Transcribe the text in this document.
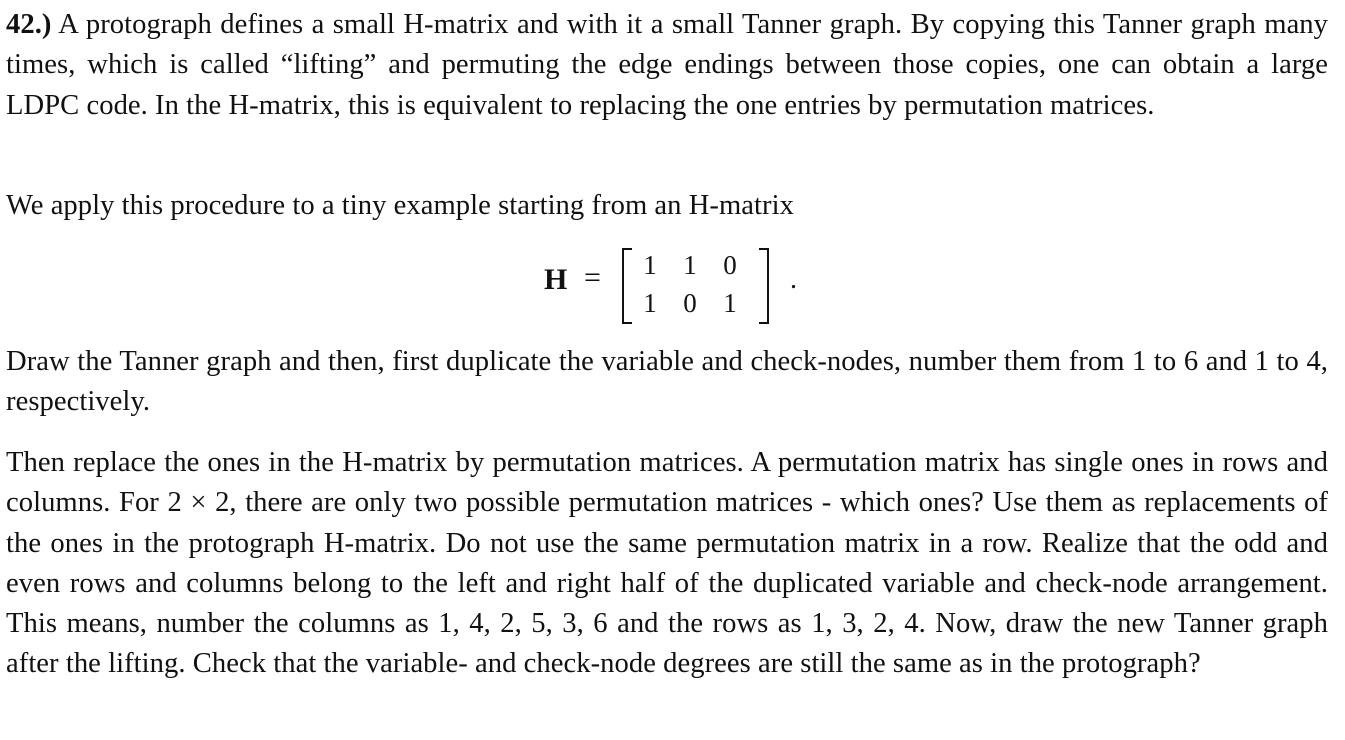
42.) A protograph defines a small H-matrix and with it a small Tanner graph. By copying this Tanner graph many times, which is called “lifting” and permuting the edge endings between those copies, one can obtain a large LDPC code. In the H-matrix, this is equivalent to replacing the one entries by permutation matrices.

We apply this procedure to a tiny example starting from an H-matrix

H = 1 1 0
1 0 1
.

Draw the Tanner graph and then, first duplicate the variable and check-nodes, number them from 1 to 6 and 1 to 4, respectively.

Then replace the ones in the H-matrix by permutation matrices. A permutation matrix has single ones in rows and columns. For 2 × 2, there are only two possible permutation matrices - which ones? Use them as replacements of the ones in the protograph H-matrix. Do not use the same permutation matrix in a row. Realize that the odd and even rows and columns belong to the left and right half of the duplicated variable and check-node arrangement. This means, number the columns as 1, 4, 2, 5, 3, 6 and the rows as 1, 3, 2, 4. Now, draw the new Tanner graph after the lifting. Check that the variable- and check-node degrees are still the same as in the protograph?
